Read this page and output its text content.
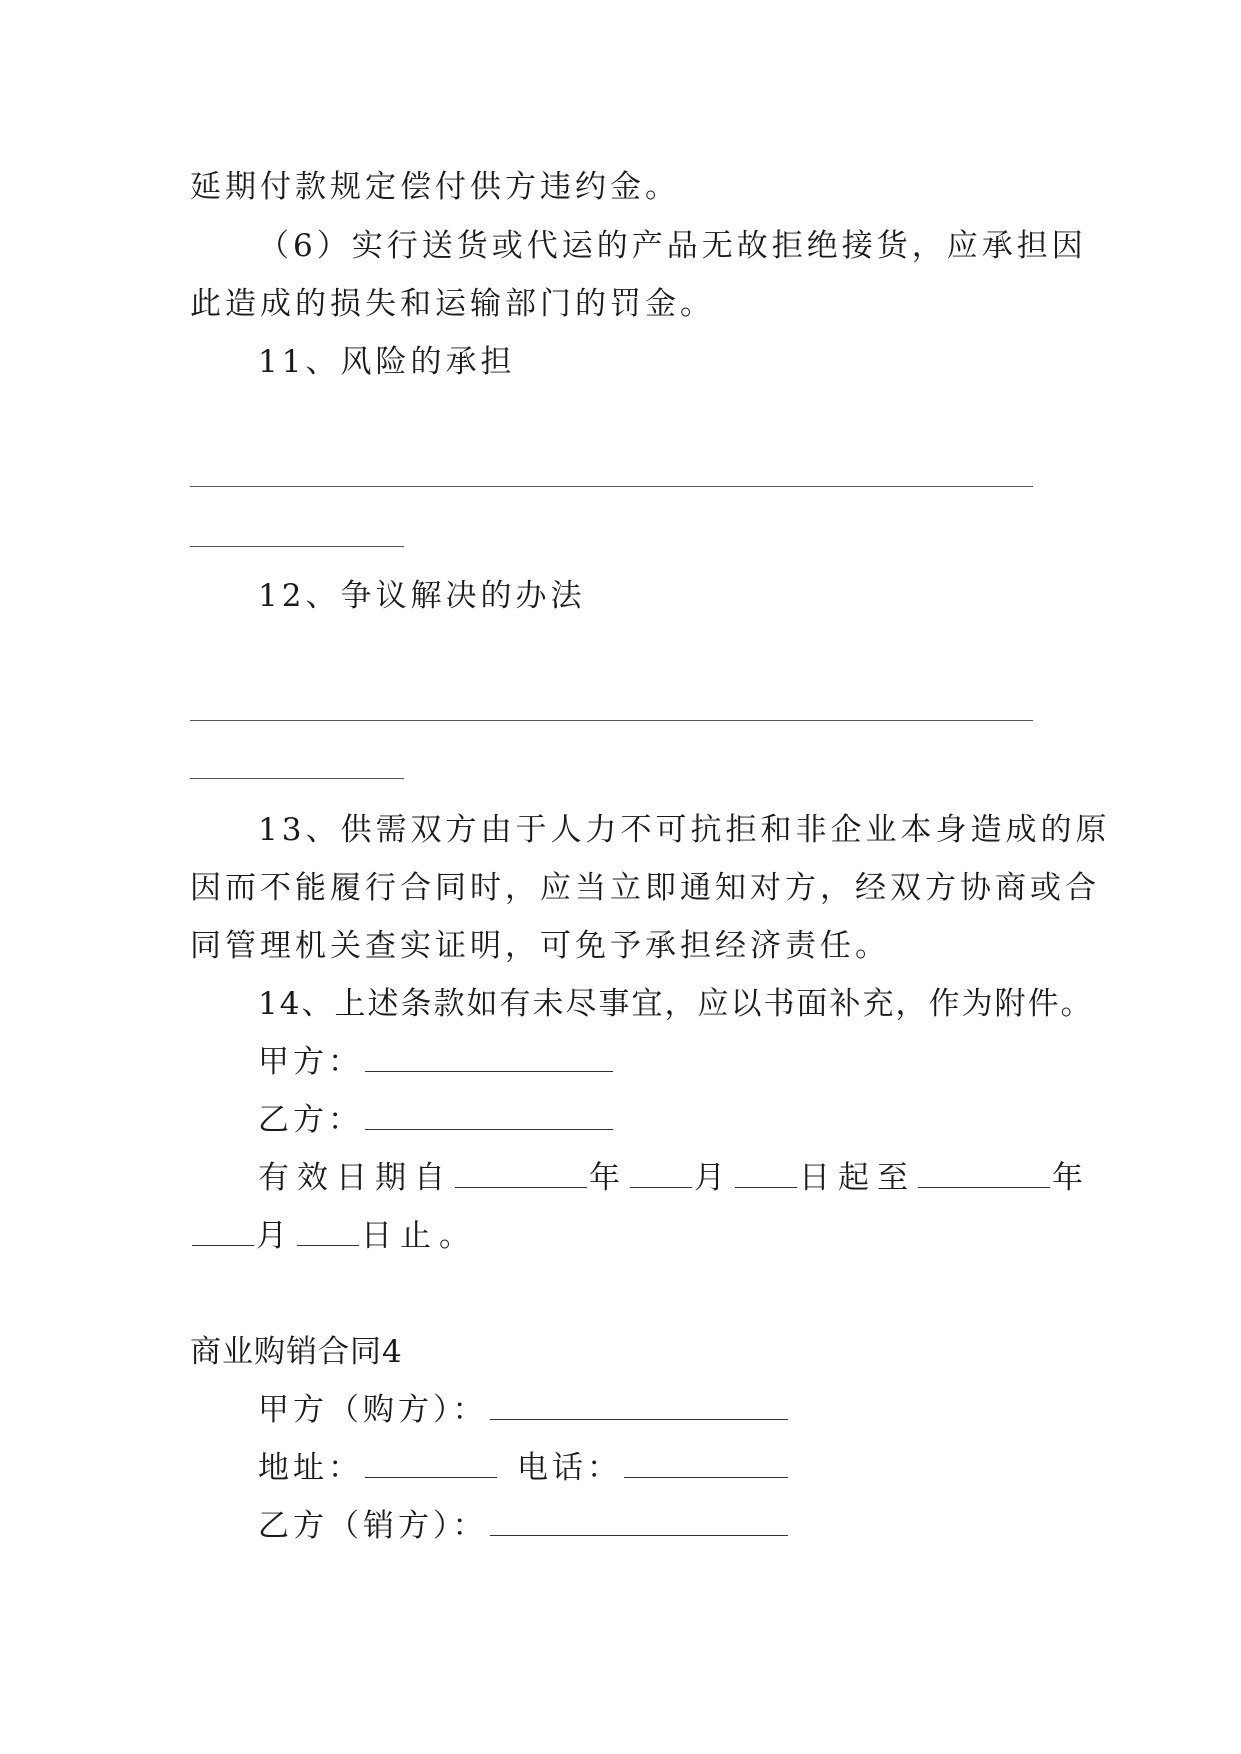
延期付款规定偿付供方违约金。

（6）实行送货或代运的产品无故拒绝接货，应承担因

此造成的损失和运输部门的罚金。

11、风险的承担

12、争议解决的办法

13、供需双方由于人力不可抗拒和非企业本身造成的原

因而不能履行合同时，应当立即通知对方，经双方协商或合

同管理机关查实证明，可免予承担经济责任。

14、上述条款如有未尽事宜，应以书面补充，作为附件。

甲方：

乙方：

有效日期自	年 月 日起至	年

月 日止。

商业购销合同4

甲方（购方）：

地址：	电话：

乙方（销方）：
